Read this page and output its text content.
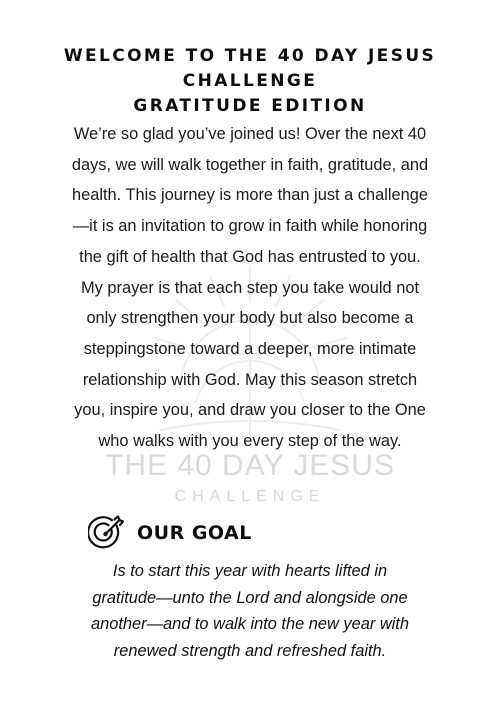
WELCOME TO THE 40 DAY JESUS
CHALLENGE
GRATITUDE EDITION

We’re so glad you’ve joined us! Over the next 40
days, we will walk together in faith, gratitude, and
health. This journey is more than just a challenge
—it is an invitation to grow in faith while honoring
the gift of health that God has entrusted to you.
My prayer is that each step you take would not
only strengthen your body but also become a
steppingstone toward a deeper, more intimate
relationship with God. May this season stretch
you, inspire you, and draw you closer to the One
who walks with you every step of the way.

THE 40 DAY JESUS
CHALLENGE
OUR GOAL

Is to start this year with hearts lifted in
gratitude—unto the Lord and alongside one
another—and to walk into the new year with
renewed strength and refreshed faith.
